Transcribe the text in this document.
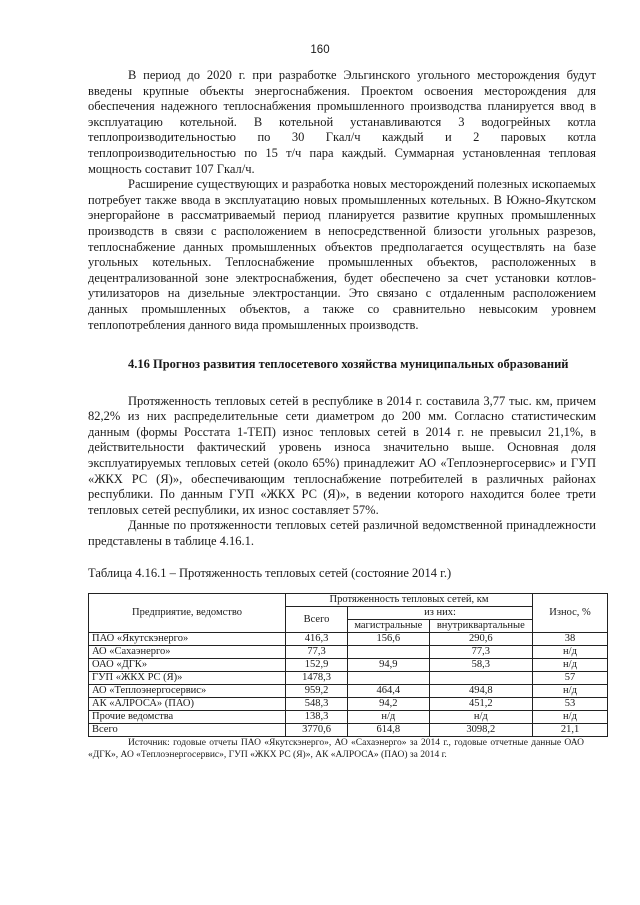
160

В период до 2020 г. при разработке Эльгинского угольного месторождения будут введены крупные объекты энергоснабжения. Проектом освоения месторождения для обеспечения надежного теплоснабжения промышленного производства планируется ввод в эксплуатацию котельной. В котельной устанавливаются 3 водогрейных котла теплопроизводительностью по 30 Гкал/ч каждый и 2 паровых котла теплопроизводительностью по 15 т/ч пара каждый. Суммарная установленная тепловая мощность составит 107 Гкал/ч.

Расширение существующих и разработка новых месторождений полезных ископаемых потребует также ввода в эксплуатацию новых промышленных котельных. В Южно-Якутском энергорайоне в рассматриваемый период планируется развитие крупных промышленных производств в связи с расположением в непосредственной близости угольных разрезов, теплоснабжение данных промышленных объектов предполагается осуществлять на базе угольных котельных. Теплоснабжение промышленных объектов, расположенных в децентрализованной зоне электроснабжения, будет обеспечено за счет установки котлов-утилизаторов на дизельные электростанции. Это связано с отдаленным расположением данных промышленных объектов, а также со сравнительно невысоким уровнем теплопотребления данного вида промышленных производств.

4.16 Прогноз развития теплосетевого хозяйства муниципальных образований

Протяженность тепловых сетей в республике в 2014 г. составила 3,77 тыс. км, причем 82,2% из них распределительные сети диаметром до 200 мм. Согласно статистическим данным (формы Росстата 1-ТЕП) износ тепловых сетей в 2014 г. не превысил 21,1%, в действительности фактический уровень износа значительно выше. Основная доля эксплуатируемых тепловых сетей (около 65%) принадлежит АО «Теплоэнергосервис» и ГУП «ЖКХ РС (Я)», обеспечивающим теплоснабжение потребителей в различных районах республики. По данным ГУП «ЖКХ РС (Я)», в ведении которого находится более трети тепловых сетей республики, их износ составляет 57%.

Данные по протяженности тепловых сетей различной ведомственной принадлежности представлены в таблице 4.16.1.

Таблица 4.16.1 – Протяженность тепловых сетей (состояние 2014 г.)
Предприятие, ведомство	Протяженность тепловых сетей, км			Износ, %
	Всего	из них:		
		магистральные	внутриквартальные	
ПАО «Якутскэнерго»	416,3	156,6	290,6	38
АО «Сахаэнерго»	77,3		77,3	н/д
ОАО «ДГК»	152,9	94,9	58,3	н/д
ГУП «ЖКХ РС (Я)»	1478,3			57
АО «Теплоэнергосервис»	959,2	464,4	494,8	н/д
АК «АЛРОСА» (ПАО)	548,3	94,2	451,2	53
Прочие ведомства	138,3	н/д	н/д	н/д
Всего	3770,6	614,8	3098,2	21,1
Источник: годовые отчеты ПАО «Якутскэнерго», АО «Сахаэнерго» за 2014 г., годовые отчетные данные ОАО «ДГК», АО «Теплоэнергосервис», ГУП «ЖКХ РС (Я)», АК «АЛРОСА» (ПАО) за 2014 г.
